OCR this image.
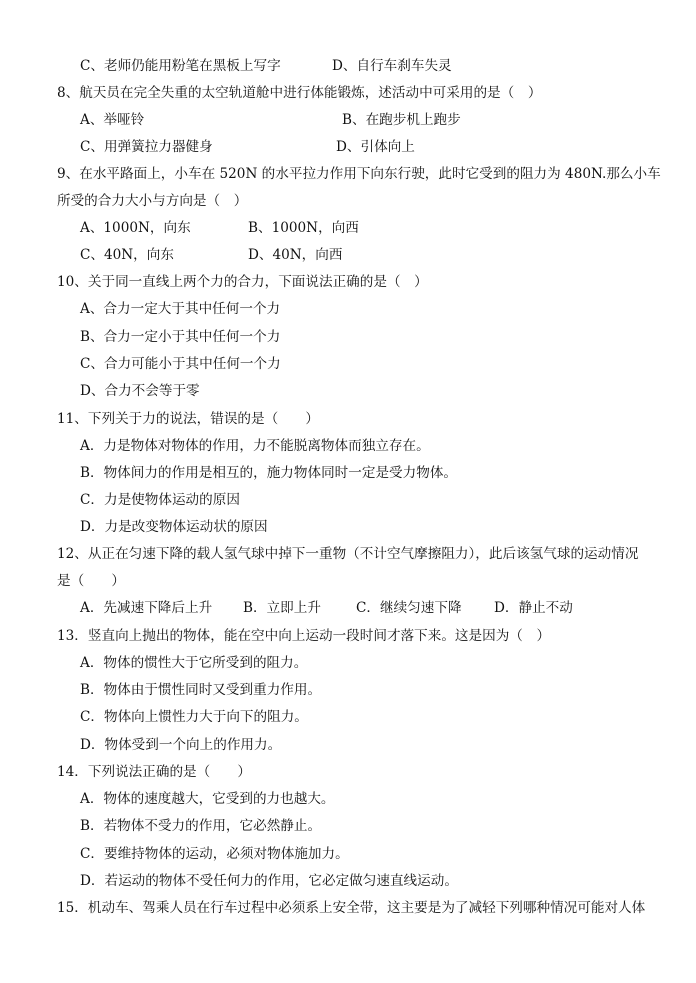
C、老师仍能用粉笔在黑板上写字	D、自行车刹车失灵
8、航天员在完全失重的太空轨道舱中进行体能锻炼，述活动中可采用的是（　）
A、举哑铃	B、在跑步机上跑步
C、用弹簧拉力器健身	D、引体向上
9、在水平路面上，小车在 520N 的水平拉力作用下向东行驶，此时它受到的阻力为 480N.那么小车
所受的合力大小与方向是（　）
A、1000N，向东	B、1000N，向西
C、40N，向东	D、40N，向西
10、关于同一直线上两个力的合力，下面说法正确的是（　）
A、合力一定大于其中任何一个力
B、合力一定小于其中任何一个力
C、合力可能小于其中任何一个力
D、合力不会等于零
11、下列关于力的说法，错误的是（　　）
A．力是物体对物体的作用，力不能脱离物体而独立存在。
B．物体间力的作用是相互的，施力物体同时一定是受力物体。
C．力是使物体运动的原因
D．力是改变物体运动状的原因
12、从正在匀速下降的载人氢气球中掉下一重物（不计空气摩擦阻力），此后该氢气球的运动情况
是（　　）
A．先减速下降后上升 B．立即上升	C．继续匀速下降 D．静止不动
13．竖直向上抛出的物体，能在空中向上运动一段时间才落下来。这是因为（　）
A．物体的惯性大于它所受到的阻力。
B．物体由于惯性同时又受到重力作用。
C．物体向上惯性力大于向下的阻力。
D．物体受到一个向上的作用力。
14．下列说法正确的是（　　）
A．物体的速度越大，它受到的力也越大。
B．若物体不受力的作用，它必然静止。
C．要维持物体的运动，必须对物体施加力。
D．若运动的物体不受任何力的作用，它必定做匀速直线运动。
15．机动车、驾乘人员在行车过程中必须系上安全带，这主要是为了减轻下列哪种情况可能对人体
